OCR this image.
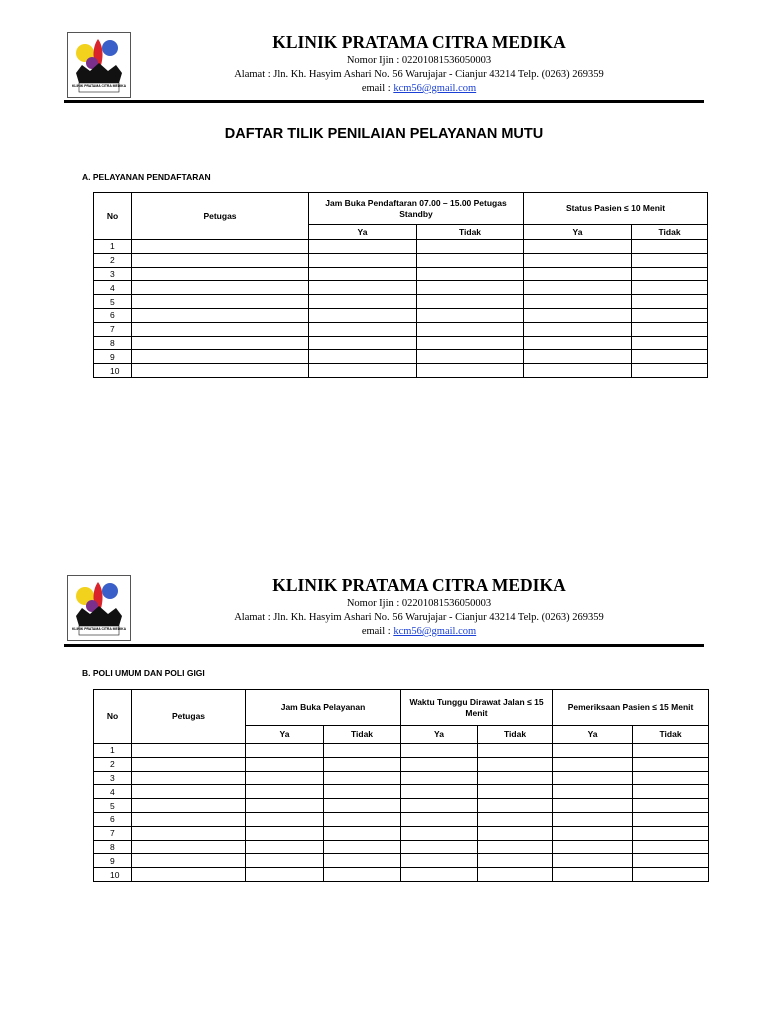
KLINIK PRATAMA CITRA MEDIKA
KLINIK PRATAMA CITRA MEDIKA
Nomor Ijin : 02201081536050003
Alamat : Jln. Kh. Hasyim Ashari No. 56 Warujajar - Cianjur 43214 Telp. (0263) 269359
email : kcm56@gmail.com
DAFTAR TILIK PENILAIAN PELAYANAN MUTU
A. PELAYANAN PENDAFTARAN
No	Petugas	Jam Buka Pendaftaran 07.00 – 15.00 Petugas Standby		Status Pasien ≤ 10 Menit	
		Ya	Tidak	Ya	Tidak
1					
2					
3					
4					
5					
6					
7					
8					
9					
10					
KLINIK PRATAMA CITRA MEDIKA
KLINIK PRATAMA CITRA MEDIKA
Nomor Ijin : 02201081536050003
Alamat : Jln. Kh. Hasyim Ashari No. 56 Warujajar - Cianjur 43214 Telp. (0263) 269359
email : kcm56@gmail.com
B. POLI UMUM DAN POLI GIGI
No	Petugas	Jam Buka Pelayanan		Waktu Tunggu Dirawat Jalan ≤ 15 Menit		Pemeriksaan Pasien ≤ 15 Menit	
		Ya	Tidak	Ya	Tidak	Ya	Tidak
1							
2							
3							
4							
5							
6							
7							
8							
9							
10							
